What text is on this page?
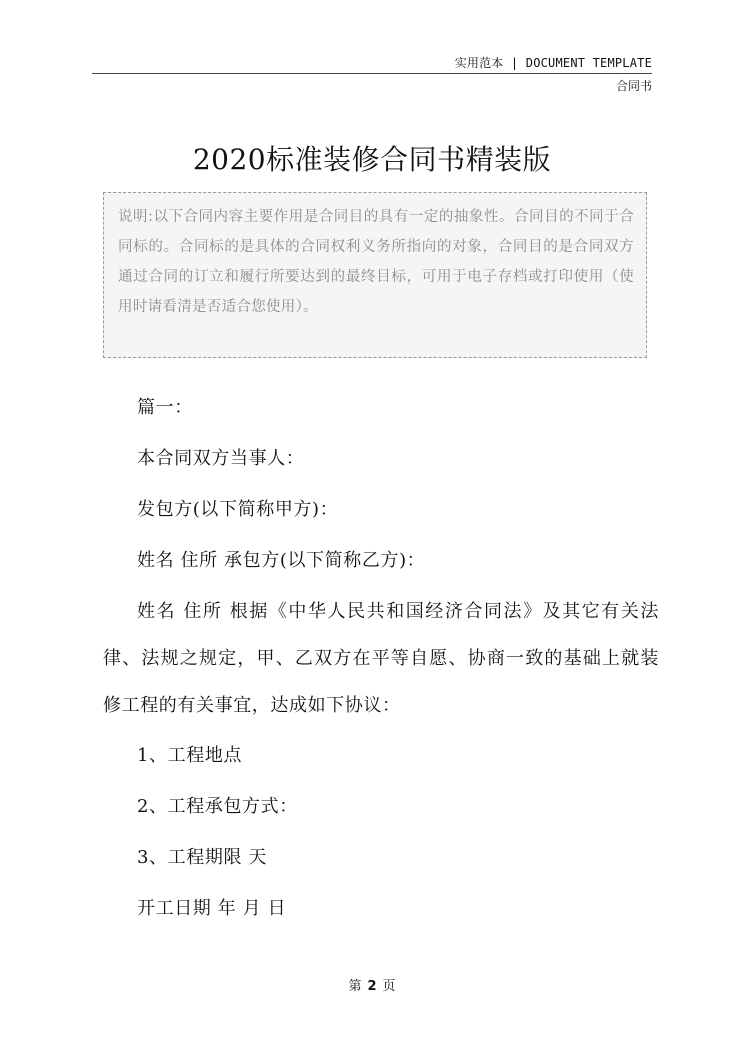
实用范本 | DOCUMENT TEMPLATE
合同书
2020标准装修合同书精装版

说明:以下合同内容主要作用是合同目的具有一定的抽象性。合同目的不同于合同标的。合同标的是具体的合同权利义务所指向的对象，合同目的是合同双方通过合同的订立和履行所要达到的最终目标，可用于电子存档或打印使用（使用时请看清是否适合您使用）。

篇一：

本合同双方当事人：

发包方(以下简称甲方)：

姓名 住所 承包方(以下简称乙方)：

姓名 住所 根据《中华人民共和国经济合同法》及其它有关法律、法规之规定，甲、乙双方在平等自愿、协商一致的基础上就装修工程的有关事宜，达成如下协议：

1、工程地点

2、工程承包方式：

3、工程期限 天

开工日期 年 月 日

第 2 页
